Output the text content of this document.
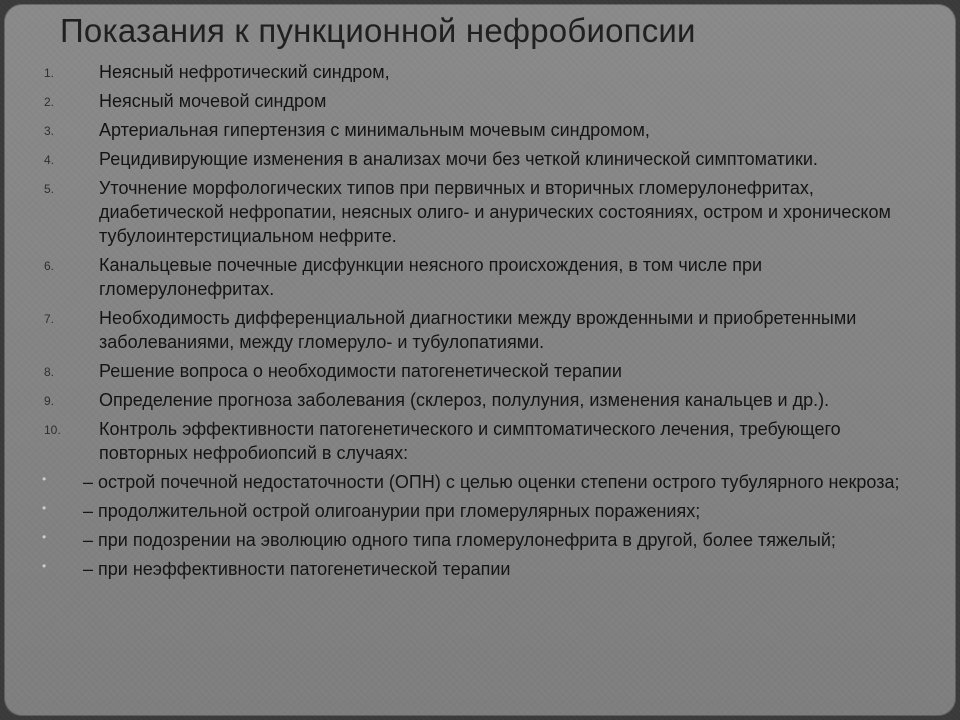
Показания к пункционной нефробиопсии
1. Неясный нефротический синдром,
2. Неясный мочевой синдром
3. Артериальная гипертензия с минимальным мочевым синдромом,
4. Рецидивирующие изменения в анализах мочи без четкой клинической симптоматики.
5. Уточнение морфологических типов при первичных и вторичных гломерулонефритах, диабетической нефропатии, неясных олиго- и анурических состояниях, остром и хроническом тубулоинтерстициальном нефрите.
6. Канальцевые почечные дисфункции неясного происхождения, в том числе при гломерулонефритах.
7. Необходимость дифференциальной диагностики между врожденными и приобретенными заболеваниями, между гломеруло- и тубулопатиями.
8. Решение вопроса о необходимости патогенетической терапии
9. Определение прогноза заболевания (склероз, полулуния, изменения канальцев и др.).
10. Контроль эффективности патогенетического и симптоматического лечения, требующего повторных нефробиопсий в случаях:
• – острой почечной недостаточности (ОПН) с целью оценки степени острого тубулярного некроза;
• – продолжительной острой олигоанурии при гломерулярных поражениях;
• – при подозрении на эволюцию одного типа гломерулонефрита в другой, более тяжелый;
• – при неэффективности патогенетической терапии
